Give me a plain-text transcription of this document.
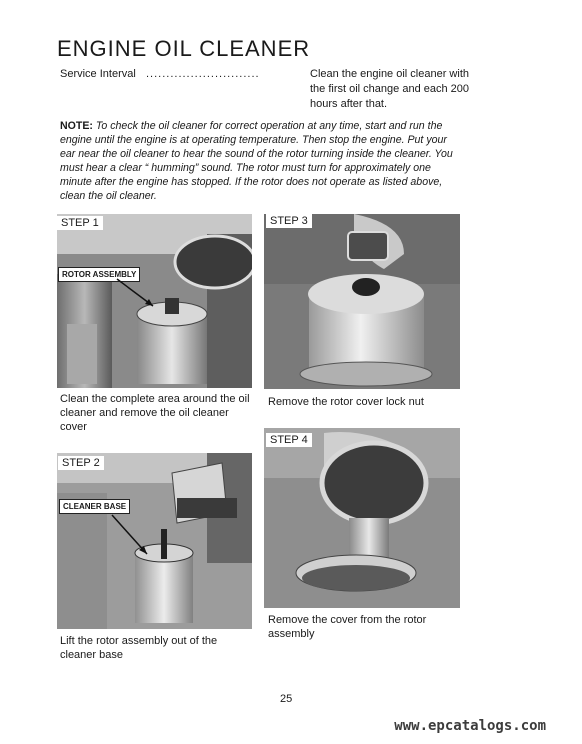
ENGINE OIL CLEANER
Service Interval ............................	Clean the engine oil cleaner with the first oil change and each 200 hours after that.
NOTE: To check the oil cleaner for correct operation at any time, start and run the engine until the engine is at operating temperature. Then stop the engine. Put your ear near the oil cleaner to hear the sound of the rotor turning inside the cleaner. You must hear a clear “ humming” sound. The rotor must turn for approximately one minute after the engine has stopped. If the rotor does not operate as listed above, clean the oil cleaner.
STEP 1
ROTOR ASSEMBLY
Clean the complete area around the oil cleaner and remove the oil cleaner cover
STEP 3
Remove the rotor cover lock nut
STEP 2
CLEANER BASE
Lift the rotor assembly out of the cleaner base
STEP 4
Remove the cover from the rotor assembly
25
www.epcatalogs.com
